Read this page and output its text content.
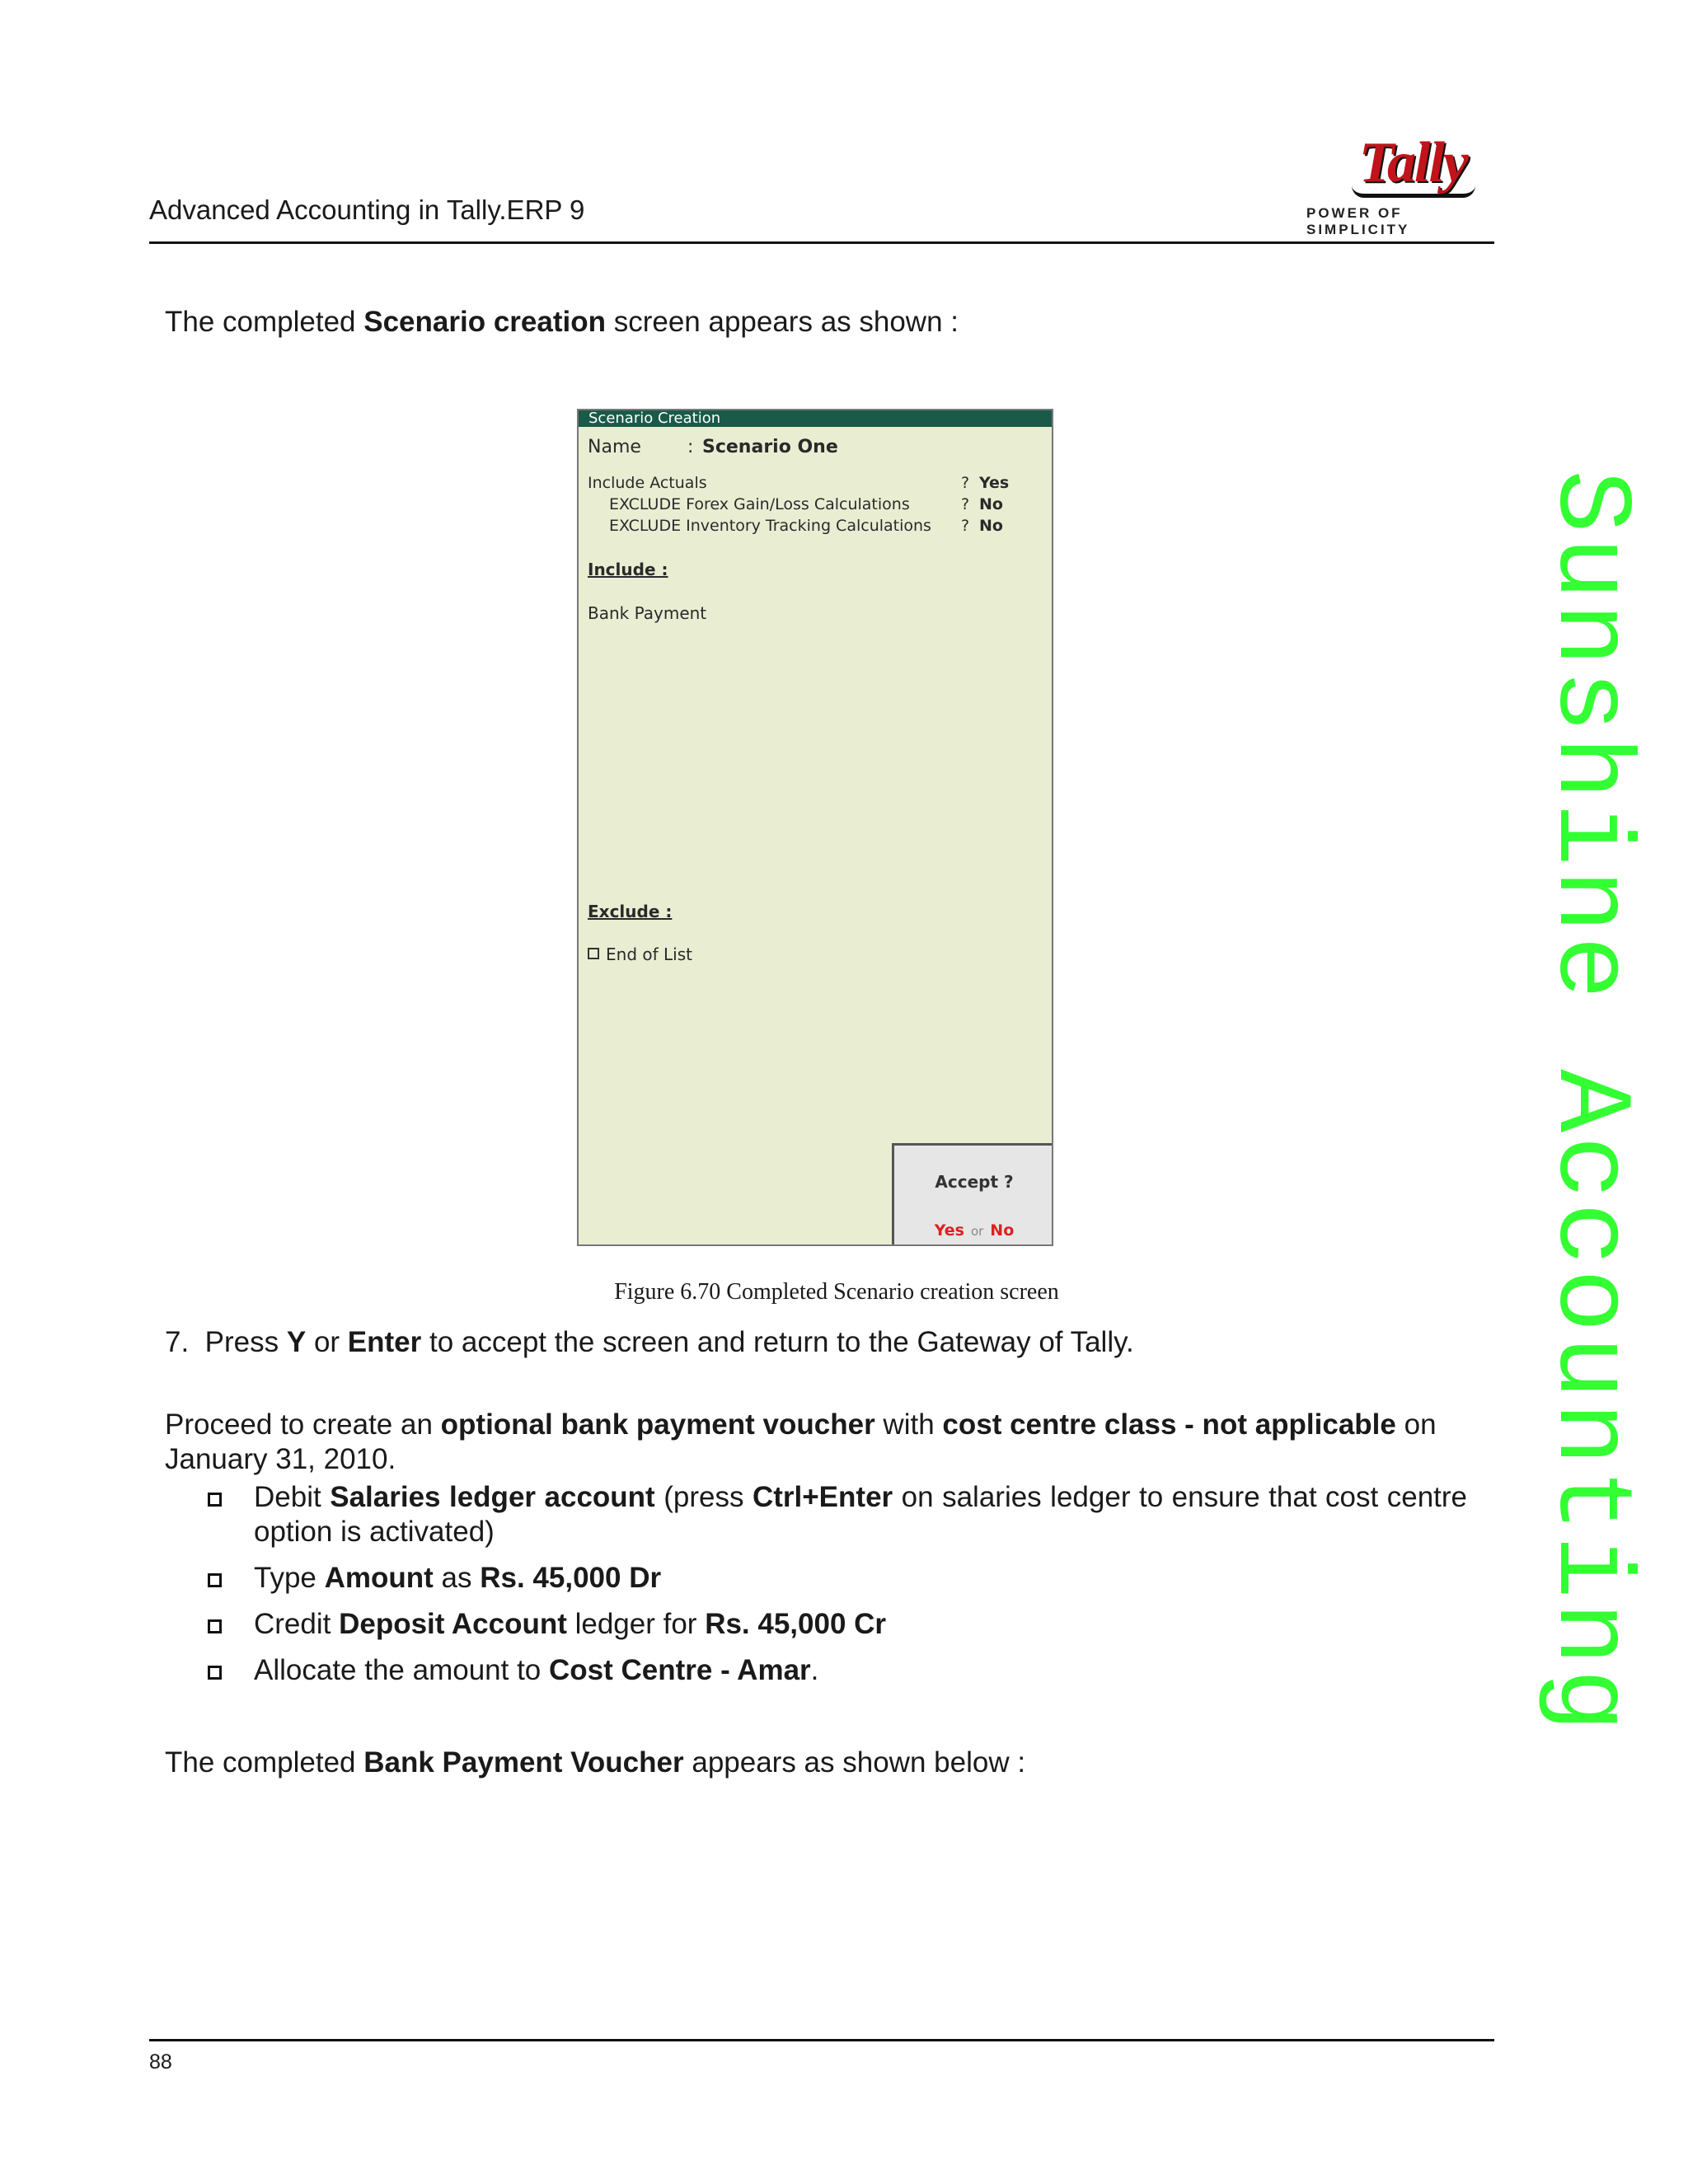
Advanced Accounting in Tally.ERP 9
Tally
POWER OF SIMPLICITY
The completed Scenario creation screen appears as shown :
Scenario Creation
Name	: Scenario One
Include Actuals	? Yes
EXCLUDE Forex Gain/Loss Calculations	? No
EXCLUDE Inventory Tracking Calculations ? No
Include :
Bank Payment
Exclude :
End of List
Accept ?
Yes or No
Figure 6.70 Completed Scenario creation screen
7. Press Y or Enter to accept the screen and return to the Gateway of Tally.
Proceed to create an optional bank payment voucher with cost centre class - not applicable on January 31, 2010.
Debit Salaries ledger account (press Ctrl+Enter on salaries ledger to ensure that cost centre option is activated)
Type Amount as Rs. 45,000 Dr
Credit Deposit Account ledger for Rs. 45,000 Cr
Allocate the amount to Cost Centre - Amar.
The completed Bank Payment Voucher appears as shown below :
Sunshine Accounting
88
